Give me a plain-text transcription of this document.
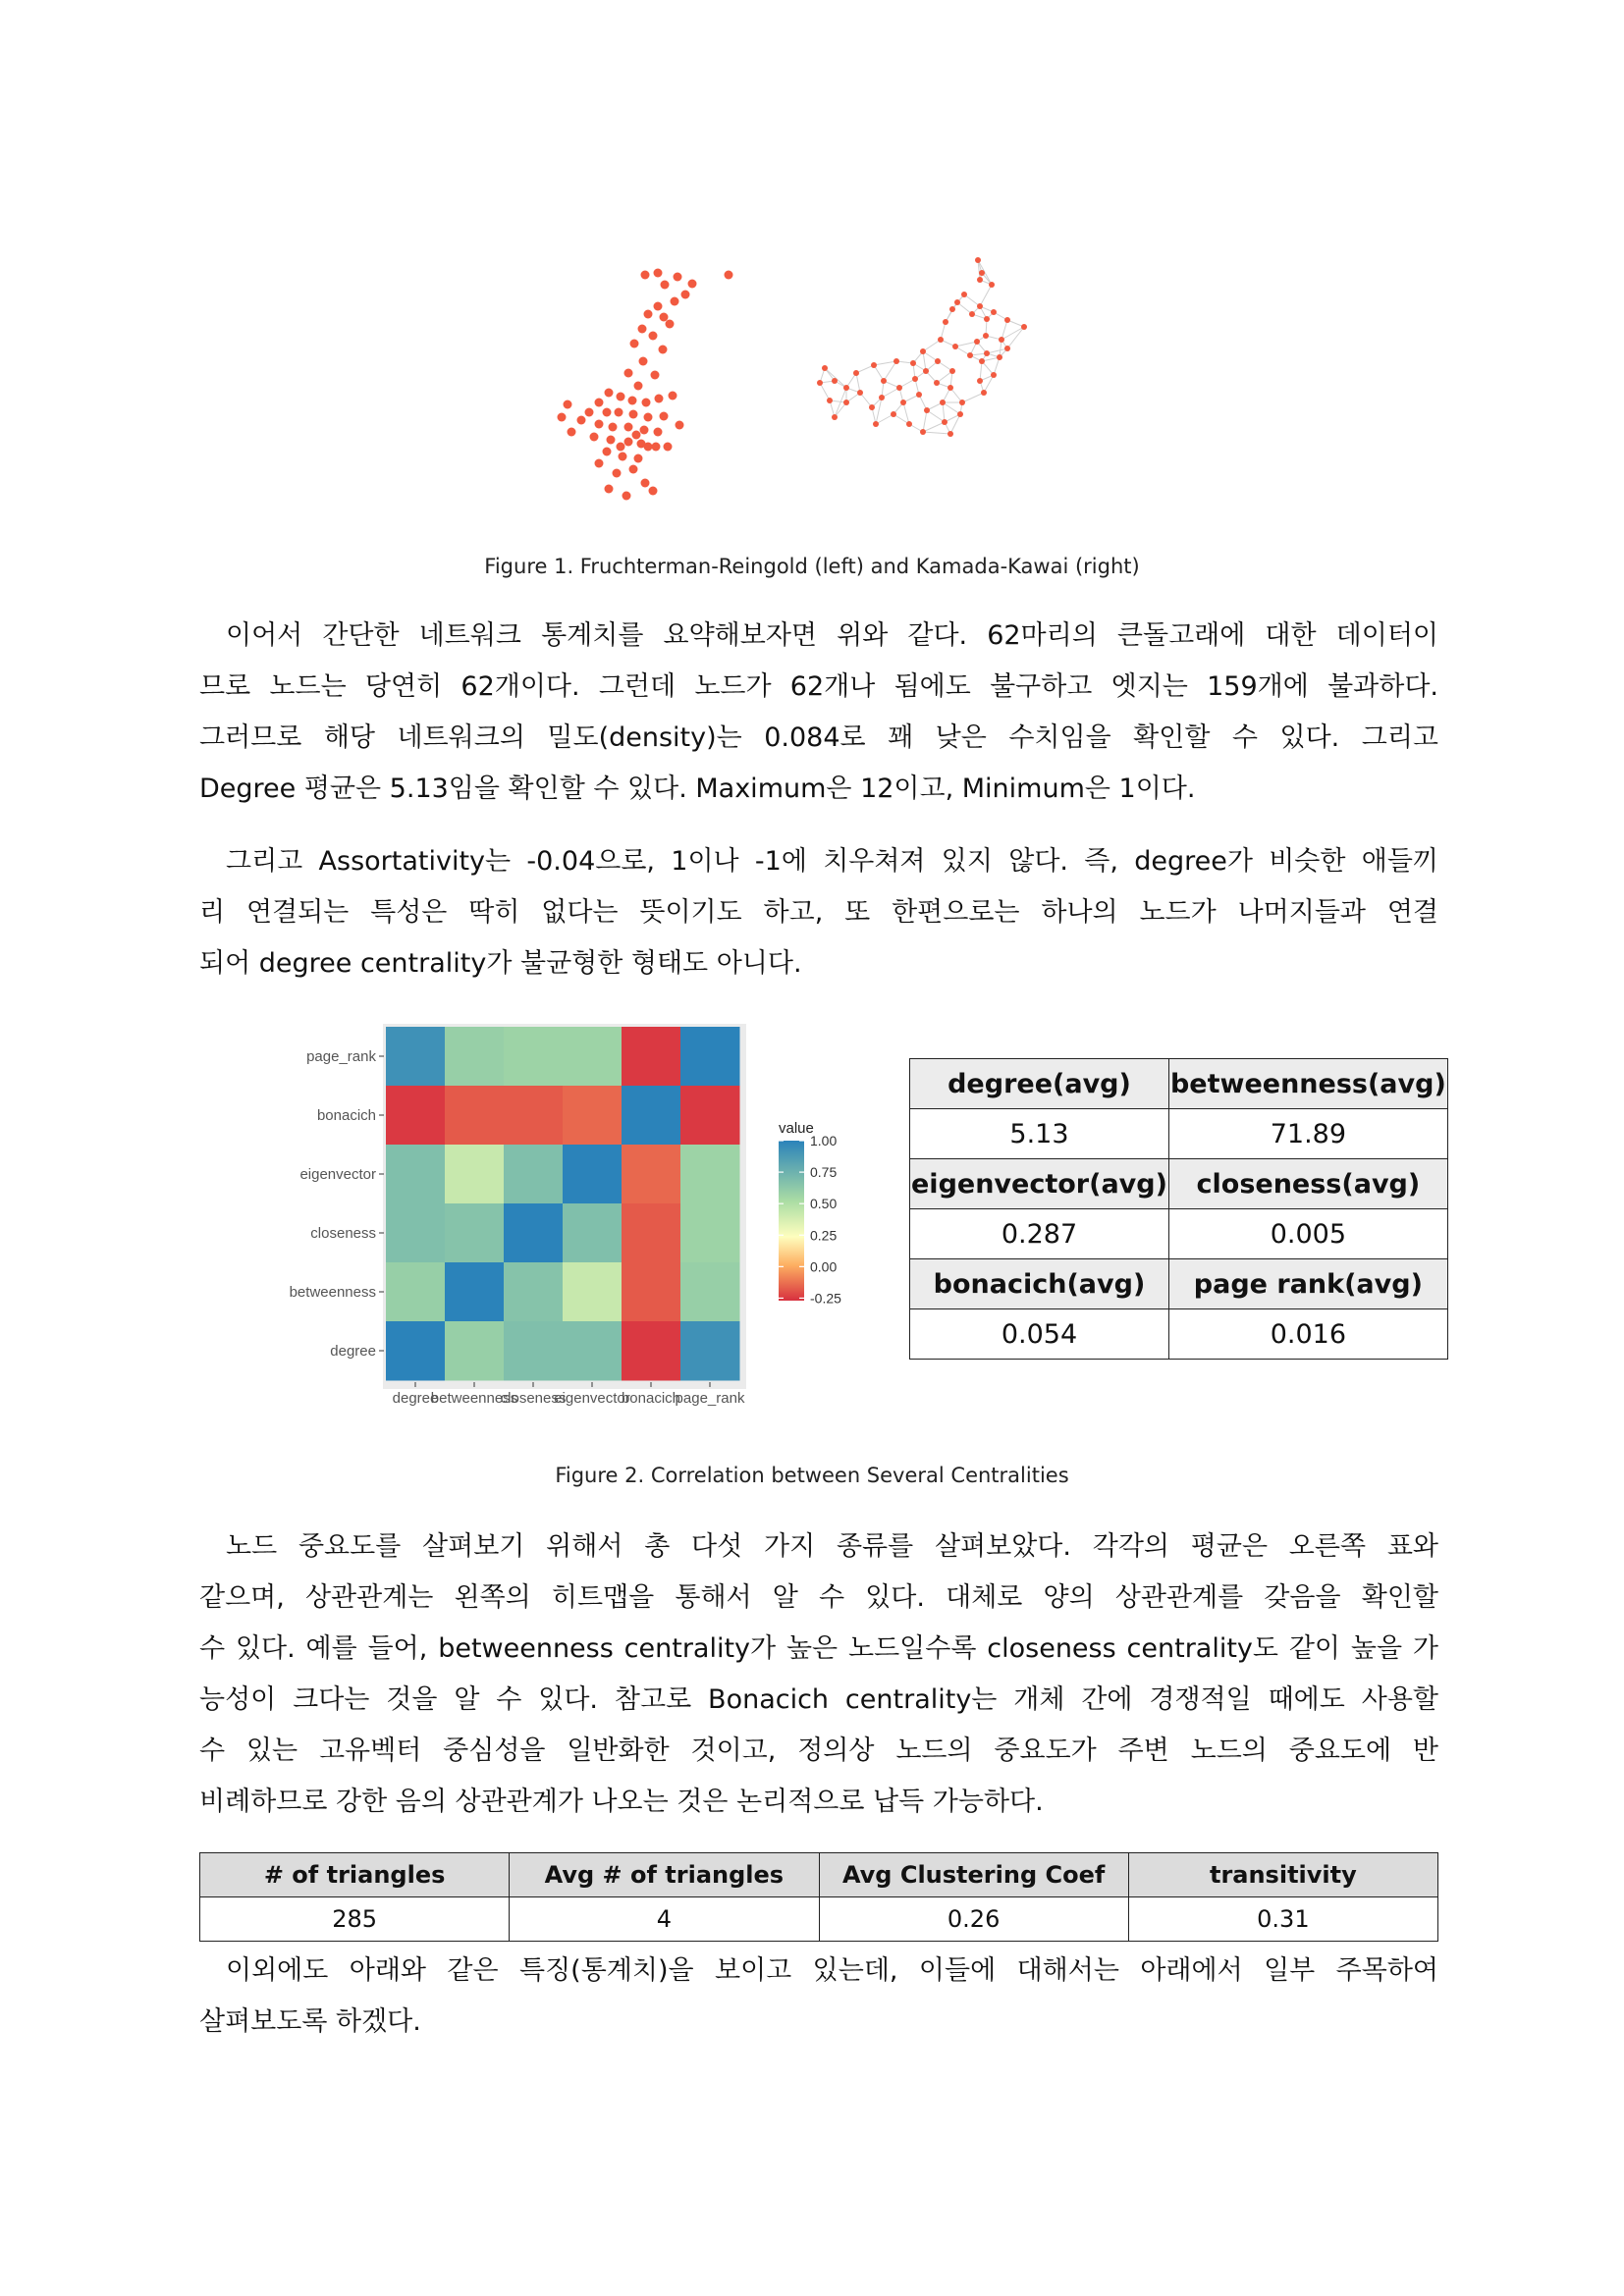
Figure 1. Fruchterman-Reingold (left) and Kamada-Kawai (right)
이어서 간단한 네트워크 통계치를 요약해보자면 위와 같다. 62마리의 큰돌고래에 대한 데이터이
므로 노드는 당연히 62개이다. 그런데 노드가 62개나 됨에도 불구하고 엣지는 159개에 불과하다.
그러므로 해당 네트워크의 밀도(density)는 0.084로 꽤 낮은 수치임을 확인할 수 있다. 그리고
Degree 평균은 5.13임을 확인할 수 있다. Maximum은 12이고, Minimum은 1이다.
그리고 Assortativity는 -0.04으로, 1이나 -1에 치우쳐져 있지 않다. 즉, degree가 비슷한 애들끼
리 연결되는 특성은 딱히 없다는 뜻이기도 하고, 또 한편으로는 하나의 노드가 나머지들과 연결
되어 degree centrality가 불균형한 형태도 아니다.
page_rank
bonacich
eigenvector
closeness
betweenness
degree
degree
betweenness
closeness
eigenvector
bonacich
page_rank
value
1.00
0.75
0.50
0.25
0.00
-0.25
degree(avg)	betweenness(avg)
5.13	71.89
eigenvector(avg)	closeness(avg)
0.287	0.005
bonacich(avg)	page rank(avg)
0.054	0.016
Figure 2. Correlation between Several Centralities
노드 중요도를 살펴보기 위해서 총 다섯 가지 종류를 살펴보았다. 각각의 평균은 오른쪽 표와
같으며, 상관관계는 왼쪽의 히트맵을 통해서 알 수 있다. 대체로 양의 상관관계를 갖음을 확인할
수 있다. 예를 들어, betweenness centrality가 높은 노드일수록 closeness centrality도 같이 높을 가
능성이 크다는 것을 알 수 있다. 참고로 Bonacich centrality는 개체 간에 경쟁적일 때에도 사용할
수 있는 고유벡터 중심성을 일반화한 것이고, 정의상 노드의 중요도가 주변 노드의 중요도에 반
비례하므로 강한 음의 상관관계가 나오는 것은 논리적으로 납득 가능하다.
# of triangles	Avg # of triangles	Avg Clustering Coef	transitivity
285	4	0.26	0.31
이외에도 아래와 같은 특징(통계치)을 보이고 있는데, 이들에 대해서는 아래에서 일부 주목하여
살펴보도록 하겠다.
